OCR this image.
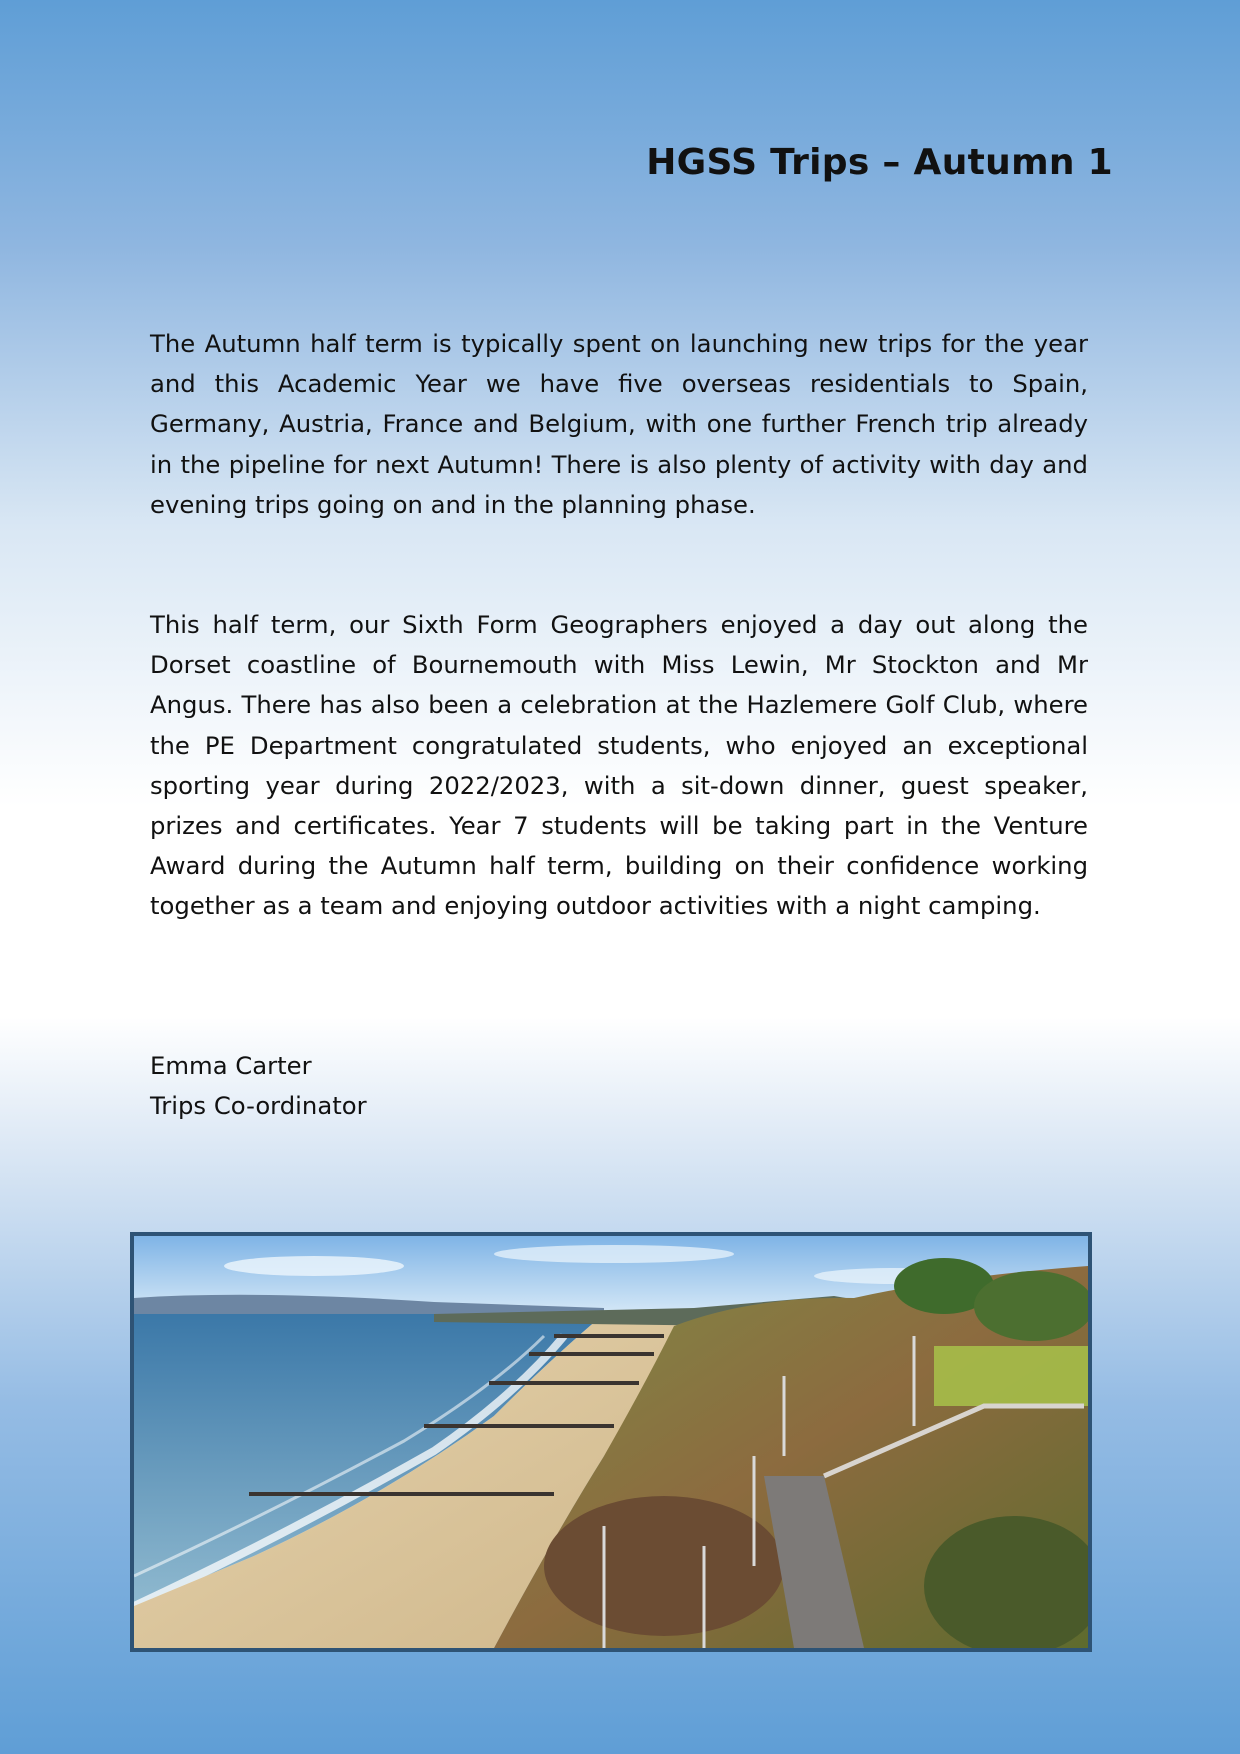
HGSS Trips – Autumn 1

The Autumn half term is typically spent on launching new trips for the year and this Academic Year we have five overseas residentials to Spain, Germany, Austria, France and Belgium, with one further French trip already in the pipeline for next Autumn! There is also plenty of activity with day and evening trips going on and in the planning phase.

This half term, our Sixth Form Geographers enjoyed a day out along the Dorset coastline of Bournemouth with Miss Lewin, Mr Stockton and Mr Angus. There has also been a celebration at the Hazlemere Golf Club, where the PE Department congratulated students, who enjoyed an exceptional sporting year during 2022/2023, with a sit-down dinner, guest speaker, prizes and certificates. Year 7 students will be taking part in the Venture Award during the Autumn half term, building on their confidence working together as a team and enjoying outdoor activities with a night camping.

Emma Carter
Trips Co-ordinator
